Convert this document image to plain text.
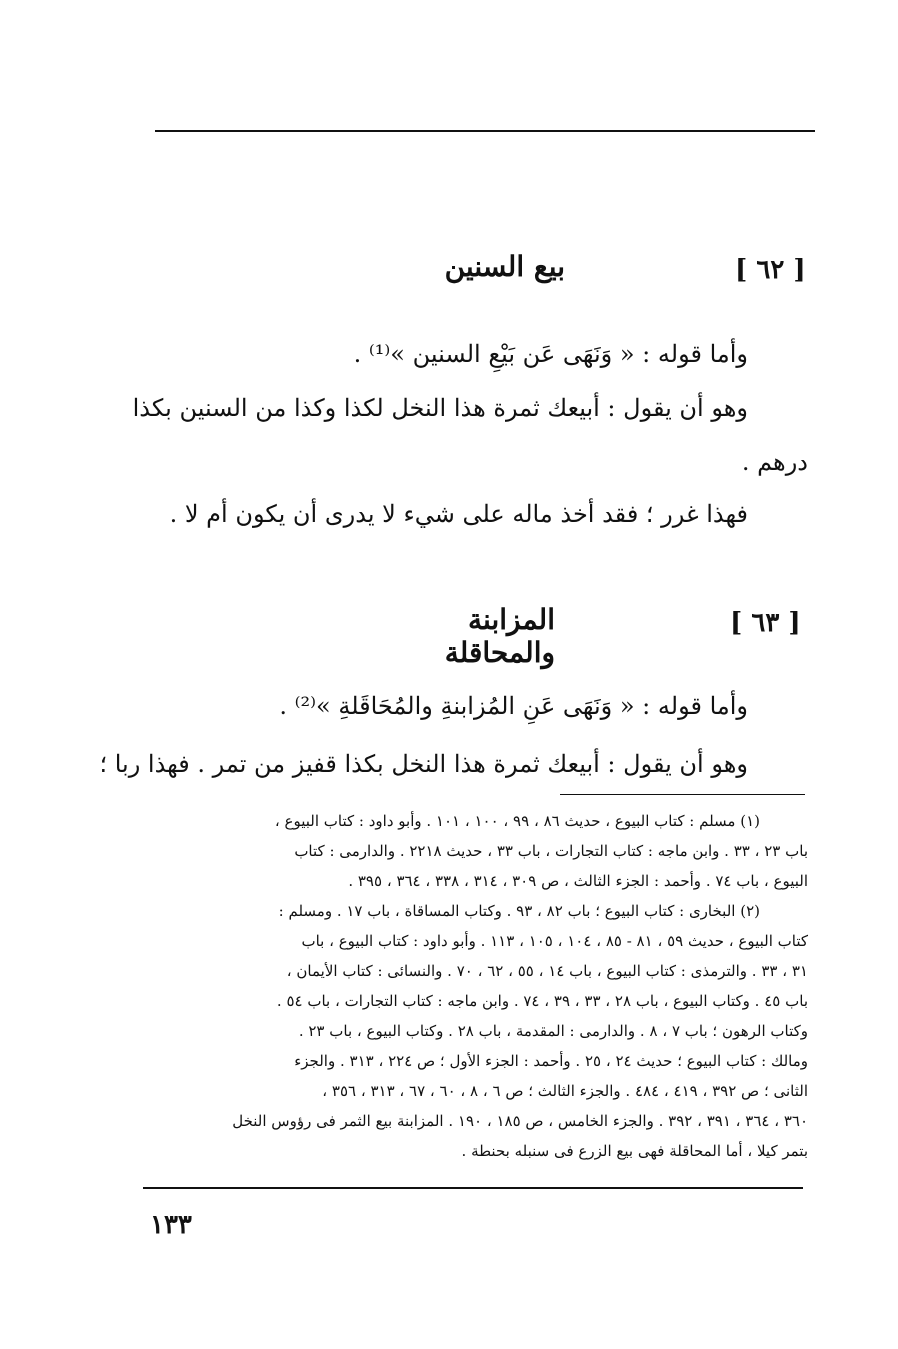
[ ٦٢ ]
بيع السنين
وأما قوله : « وَنَهَى عَن بَيْعِ السنين »⁽¹⁾ .
وهو أن يقول : أبيعك ثمرة هذا النخل لكذا وكذا من السنين بكذا
درهم .
فهذا غرر ؛ فقد أخذ ماله على شيء لا يدرى أن يكون أم لا .
[ ٦٣ ]
المزابنة والمحاقلة
وأما قوله : « وَنَهَى عَنِ المُزابنةِ والمُحَاقَلةِ »⁽²⁾ .
وهو أن يقول : أبيعك ثمرة هذا النخل بكذا قفيز من تمر . فهذا ربا ؛
(١) مسلم : كتاب البيوع ، حديث ٨٦ ، ٩٩ ، ١٠٠ ، ١٠١ . وأبو داود : كتاب البيوع ،
باب ٢٣ ، ٣٣ . وابن ماجه : كتاب التجارات ، باب ٣٣ ، حديث ٢٢١٨ . والدارمى : كتاب
البيوع ، باب ٧٤ . وأحمد : الجزء الثالث ، ص ٣٠٩ ، ٣١٤ ، ٣٣٨ ، ٣٦٤ ، ٣٩٥ .
(٢) البخارى : كتاب البيوع ؛ باب ٨٢ ، ٩٣ . وكتاب المساقاة ، باب ١٧ . ومسلم :
كتاب البيوع ، حديث ٥٩ ، ٨١ - ٨٥ ، ١٠٤ ، ١٠٥ ، ١١٣ . وأبو داود : كتاب البيوع ، باب
٣١ ، ٣٣ . والترمذى : كتاب البيوع ، باب ١٤ ، ٥٥ ، ٦٢ ، ٧٠ . والنسائى : كتاب الأيمان ،
باب ٤٥ . وكتاب البيوع ، باب ٢٨ ، ٣٣ ، ٣٩ ، ٧٤ . وابن ماجه : كتاب التجارات ، باب ٥٤ .
وكتاب الرهون ؛ باب ٧ ، ٨ . والدارمى : المقدمة ، باب ٢٨ . وكتاب البيوع ، باب ٢٣ .
ومالك : كتاب البيوع ؛ حديث ٢٤ ، ٢٥ . وأحمد : الجزء الأول ؛ ص ٢٢٤ ، ٣١٣ . والجزء
الثانى ؛ ص ٣٩٢ ، ٤١٩ ، ٤٨٤ . والجزء الثالث ؛ ص ٦ ، ٨ ، ٦٠ ، ٦٧ ، ٣١٣ ، ٣٥٦ ،
٣٦٠ ، ٣٦٤ ، ٣٩١ ، ٣٩٢ . والجزء الخامس ، ص ١٨٥ ، ١٩٠ . المزابنة بيع الثمر فى رؤوس النخل
بتمر كيلا ، أما المحاقلة فهى بيع الزرع فى سنبله بحنطة .
١٣٣
